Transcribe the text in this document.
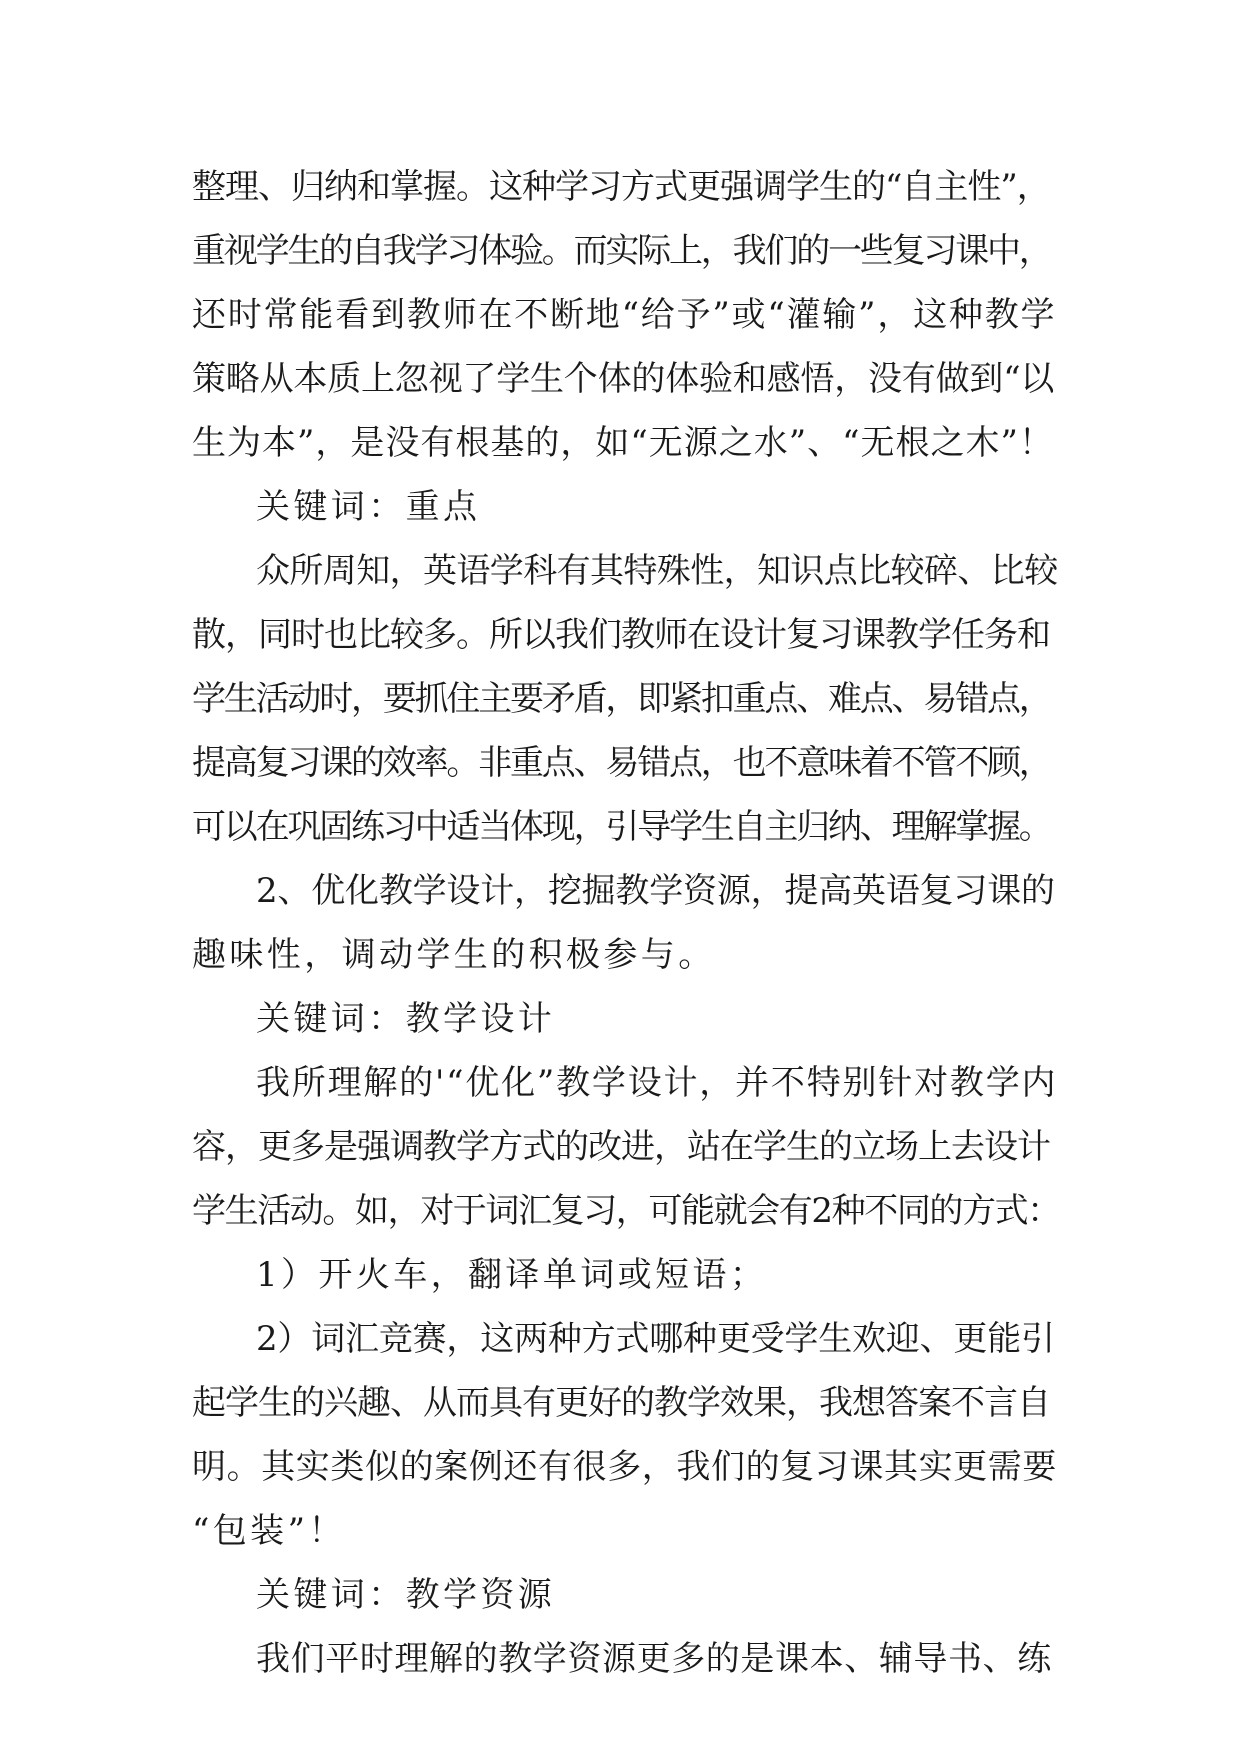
整理、归纳和掌握。这种学习方式更强调学生的“自主性”，
重视学生的自我学习体验。而实际上，我们的一些复习课中，
还时常能看到教师在不断地“给予”或“灌输”，这种教学
策略从本质上忽视了学生个体的体验和感悟，没有做到“以
生为本”，是没有根基的，如“无源之水”、“无根之木”！
关键词：重点
众所周知，英语学科有其特殊性，知识点比较碎、比较
散，同时也比较多。所以我们教师在设计复习课教学任务和
学生活动时，要抓住主要矛盾，即紧扣重点、难点、易错点，
提高复习课的效率。非重点、易错点，也不意味着不管不顾，
可以在巩固练习中适当体现，引导学生自主归纳、理解掌握。
2、优化教学设计，挖掘教学资源，提高英语复习课的
趣味性，调动学生的积极参与。
关键词：教学设计
我所理解的'“优化”教学设计，并不特别针对教学内
容，更多是强调教学方式的改进，站在学生的立场上去设计
学生活动。如，对于词汇复习，可能就会有2种不同的方式：
1）开火车，翻译单词或短语；
2）词汇竞赛，这两种方式哪种更受学生欢迎、更能引
起学生的兴趣、从而具有更好的教学效果，我想答案不言自
明。其实类似的案例还有很多，我们的复习课其实更需要
“包装”！
关键词：教学资源
我们平时理解的教学资源更多的是课本、辅导书、练
